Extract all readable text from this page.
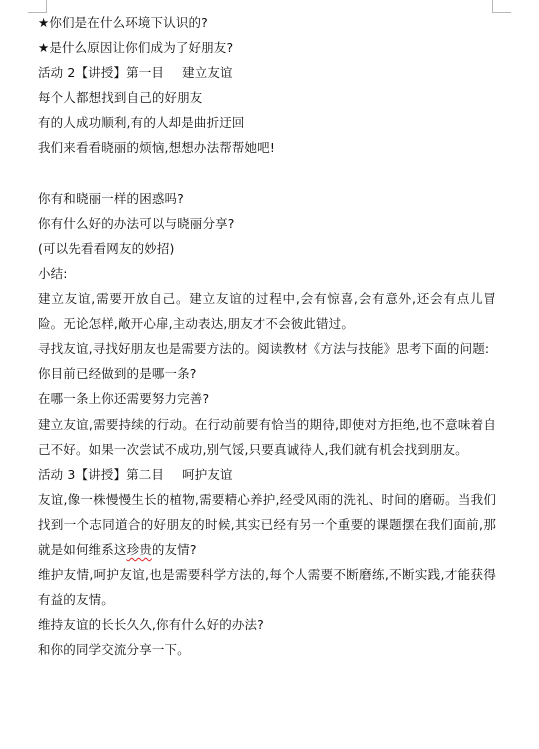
★你们是在什么环境下认识的?
★是什么原因让你们成为了好朋友?
活动 2【讲授】第一目 建立友谊
每个人都想找到自己的好朋友
有的人成功顺利,有的人却是曲折迂回
我们来看看晓丽的烦恼,想想办法帮帮她吧!
你有和晓丽一样的困惑吗?
你有什么好的办法可以与晓丽分享?
(可以先看看网友的妙招)
小结:
建立友谊,需要开放自己。建立友谊的过程中,会有惊喜,会有意外,还会有点儿冒险。无论怎样,敞开心扉,主动表达,朋友才不会彼此错过。
寻找友谊,寻找好朋友也是需要方法的。阅读教材《方法与技能》思考下面的问题:
你目前已经做到的是哪一条?
在哪一条上你还需要努力完善?
建立友谊,需要持续的行动。在行动前要有恰当的期待,即使对方拒绝,也不意味着自己不好。如果一次尝试不成功,别气馁,只要真诚待人,我们就有机会找到朋友。
活动 3【讲授】第二目 呵护友谊
友谊,像一株慢慢生长的植物,需要精心养护,经受风雨的洗礼、时间的磨砺。当我们找到一个志同道合的好朋友的时候,其实已经有另一个重要的课题摆在我们面前,那就是如何维系这珍贵的友情?
维护友情,呵护友谊,也是需要科学方法的,每个人需要不断磨练,不断实践,才能获得有益的友情。
维持友谊的长长久久,你有什么好的办法?
和你的同学交流分享一下。
